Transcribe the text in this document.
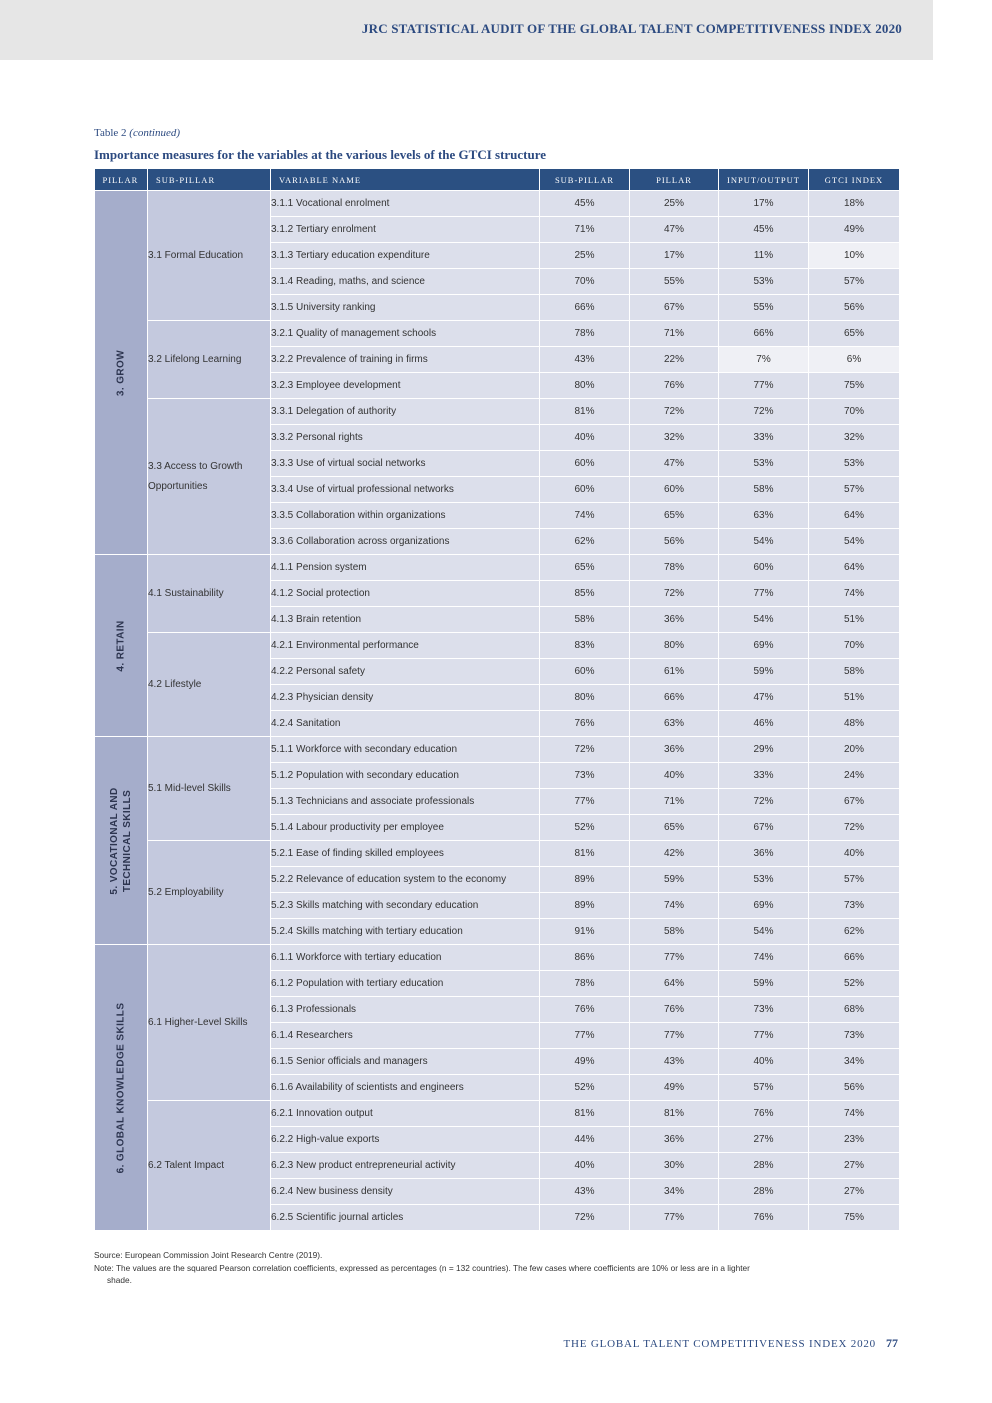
JRC STATISTICAL AUDIT OF THE GLOBAL TALENT COMPETITIVENESS INDEX 2020
Table 2 (continued)
Importance measures for the variables at the various levels of the GTCI structure
PILLAR	SUB-PILLAR	VARIABLE NAME	SUB-PILLAR	PILLAR	INPUT/OUTPUT	GTCI INDEX

3. GROW	3.1 Formal Education	3.1.1 Vocational enrolment	45%	25%	17%	18%
		3.1.2 Tertiary enrolment	71%	47%	45%	49%
		3.1.3 Tertiary education expenditure	25%	17%	11%	10%
		3.1.4 Reading, maths, and science	70%	55%	53%	57%
		3.1.5 University ranking	66%	67%	55%	56%
	3.2 Lifelong Learning	3.2.1 Quality of management schools	78%	71%	66%	65%
		3.2.2 Prevalence of training in firms	43%	22%	7%	6%
		3.2.3 Employee development	80%	76%	77%	75%
	3.3 Access to Growth Opportunities	3.3.1 Delegation of authority	81%	72%	72%	70%
		3.3.2 Personal rights	40%	32%	33%	32%
		3.3.3 Use of virtual social networks	60%	47%	53%	53%
		3.3.4 Use of virtual professional networks	60%	60%	58%	57%
		3.3.5 Collaboration within organizations	74%	65%	63%	64%
		3.3.6 Collaboration across organizations	62%	56%	54%	54%

4. RETAIN	4.1 Sustainability	4.1.1 Pension system	65%	78%	60%	64%
		4.1.2 Social protection	85%	72%	77%	74%
		4.1.3 Brain retention	58%	36%	54%	51%
	4.2 Lifestyle	4.2.1 Environmental performance	83%	80%	69%	70%
		4.2.2 Personal safety	60%	61%	59%	58%
		4.2.3 Physician density	80%	66%	47%	51%
		4.2.4 Sanitation	76%	63%	46%	48%

5. VOCATIONAL AND TECHNICAL SKILLS	5.1 Mid-level Skills	5.1.1 Workforce with secondary education	72%	36%	29%	20%
		5.1.2 Population with secondary education	73%	40%	33%	24%
		5.1.3 Technicians and associate professionals	77%	71%	72%	67%
		5.1.4 Labour productivity per employee	52%	65%	67%	72%
	5.2 Employability	5.2.1 Ease of finding skilled employees	81%	42%	36%	40%
		5.2.2 Relevance of education system to the economy	89%	59%	53%	57%
		5.2.3 Skills matching with secondary education	89%	74%	69%	73%
		5.2.4 Skills matching with tertiary education	91%	58%	54%	62%

6. GLOBAL KNOWLEDGE SKILLS	6.1 Higher-Level Skills	6.1.1 Workforce with tertiary education	86%	77%	74%	66%
		6.1.2 Population with tertiary education	78%	64%	59%	52%
		6.1.3 Professionals	76%	76%	73%	68%
		6.1.4 Researchers	77%	77%	77%	73%
		6.1.5 Senior officials and managers	49%	43%	40%	34%
		6.1.6 Availability of scientists and engineers	52%	49%	57%	56%
	6.2 Talent Impact	6.2.1 Innovation output	81%	81%	76%	74%
		6.2.2 High-value exports	44%	36%	27%	23%
		6.2.3 New product entrepreneurial activity	40%	30%	28%	27%
		6.2.4 New business density	43%	34%	28%	27%
		6.2.5 Scientific journal articles	72%	77%	76%	75%
Source: European Commission Joint Research Centre (2019).
Note: The values are the squared Pearson correlation coefficients, expressed as percentages (n = 132 countries). The few cases where coefficients are 10% or less are in a lighter
shade.
THE GLOBAL TALENT COMPETITIVENESS INDEX 2020 77
